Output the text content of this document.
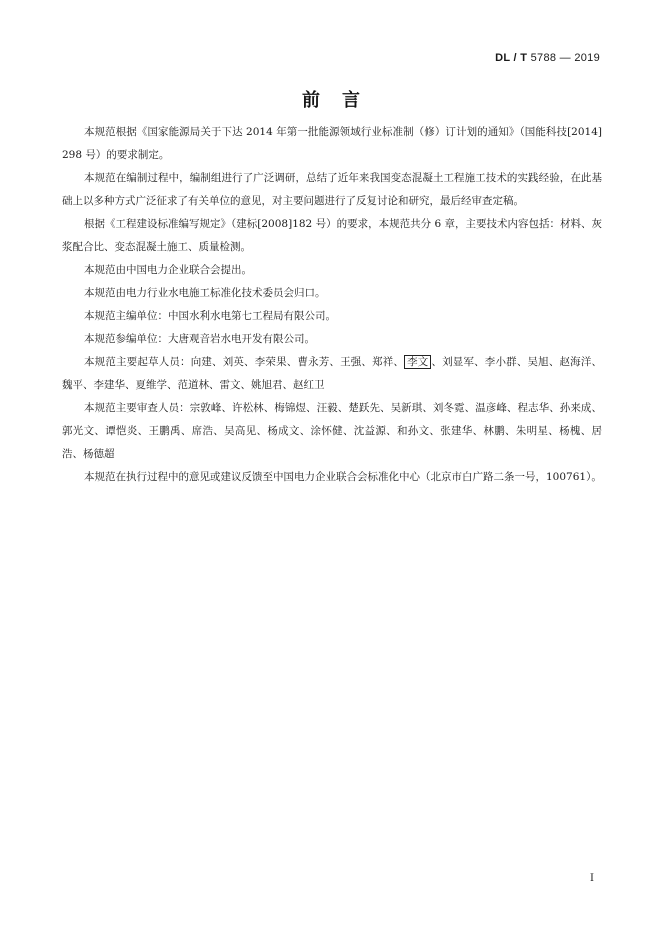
DL / T 5788 — 2019
前言

本规范根据《国家能源局关于下达 2014 年第一批能源领域行业标准制（修）订计划的通知》（国能科技[2014]298 号）的要求制定。

本规范在编制过程中，编制组进行了广泛调研，总结了近年来我国变态混凝土工程施工技术的实践经验，在此基础上以多种方式广泛征求了有关单位的意见，对主要问题进行了反复讨论和研究，最后经审查定稿。

根据《工程建设标准编写规定》（建标[2008]182 号）的要求，本规范共分 6 章，主要技术内容包括：材料、灰浆配合比、变态混凝土施工、质量检测。

本规范由中国电力企业联合会提出。

本规范由电力行业水电施工标准化技术委员会归口。

本规范主编单位：中国水利水电第七工程局有限公司。

本规范参编单位：大唐观音岩水电开发有限公司。

本规范主要起草人员：向建、刘英、李荣果、曹永芳、王强、郑祥、 李文 、刘显军、李小群、吴旭、赵海洋、魏平、李建华、夏维学、范道林、雷文、姚旭君、赵红卫

本规范主要审查人员：宗敦峰、许松林、梅锦煜、汪毅、楚跃先、吴新琪、刘冬霓、温彦峰、程志华、孙来成、郭光文、谭恺炎、王鹏禹、席浩、吴高见、杨成文、涂怀健、沈益源、和孙文、张建华、林鹏、朱明星、杨槐、居浩、杨德超

本规范在执行过程中的意见或建议反馈至中国电力企业联合会标准化中心（北京市白广路二条一号，100761）。

I
